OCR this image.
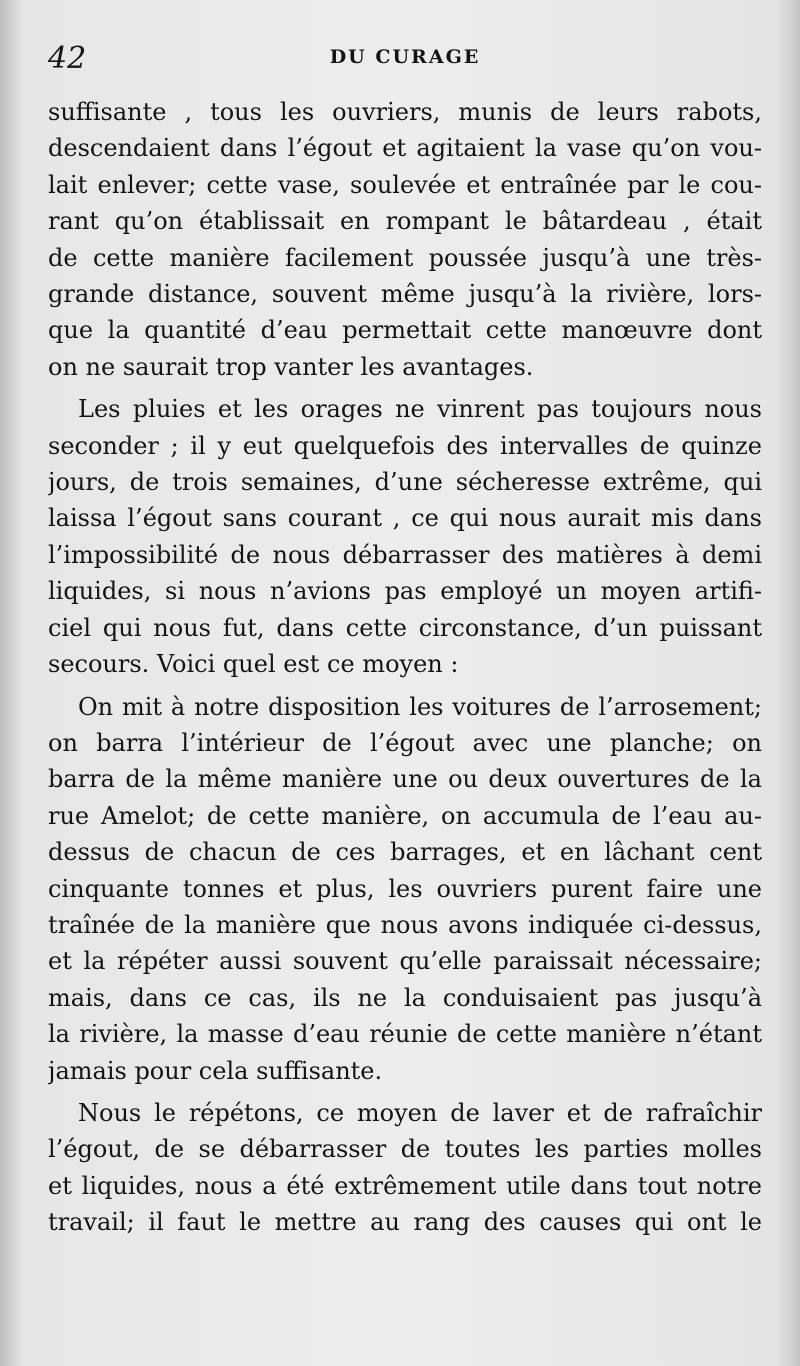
42	DU CURAGE

suffisante , tous les ouvriers, munis de leurs rabots,
descendaient dans l’égout et agitaient la vase qu’on vou-
lait enlever; cette vase, soulevée et entraînée par le cou-
rant qu’on établissait en rompant le bâtardeau , était
de cette manière facilement poussée jusqu’à une très-
grande distance, souvent même jusqu’à la rivière, lors-
que la quantité d’eau permettait cette manœuvre dont
on ne saurait trop vanter les avantages.

Les pluies et les orages ne vinrent pas toujours nous
seconder ; il y eut quelquefois des intervalles de quinze
jours, de trois semaines, d’une sécheresse extrême, qui
laissa l’égout sans courant , ce qui nous aurait mis dans
l’impossibilité de nous débarrasser des matières à demi
liquides, si nous n’avions pas employé un moyen artifi-
ciel qui nous fut, dans cette circonstance, d’un puissant
secours. Voici quel est ce moyen :

On mit à notre disposition les voitures de l’arrosement;
on barra l’intérieur de l’égout avec une planche; on
barra de la même manière une ou deux ouvertures de la
rue Amelot; de cette manière, on accumula de l’eau au-
dessus de chacun de ces barrages, et en lâchant cent
cinquante tonnes et plus, les ouvriers purent faire une
traînée de la manière que nous avons indiquée ci-dessus,
et la répéter aussi souvent qu’elle paraissait nécessaire;
mais, dans ce cas, ils ne la conduisaient pas jusqu’à
la rivière, la masse d’eau réunie de cette manière n’étant
jamais pour cela suffisante.

Nous le répétons, ce moyen de laver et de rafraîchir
l’égout, de se débarrasser de toutes les parties molles
et liquides, nous a été extrêmement utile dans tout notre
travail; il faut le mettre au rang des causes qui ont le
